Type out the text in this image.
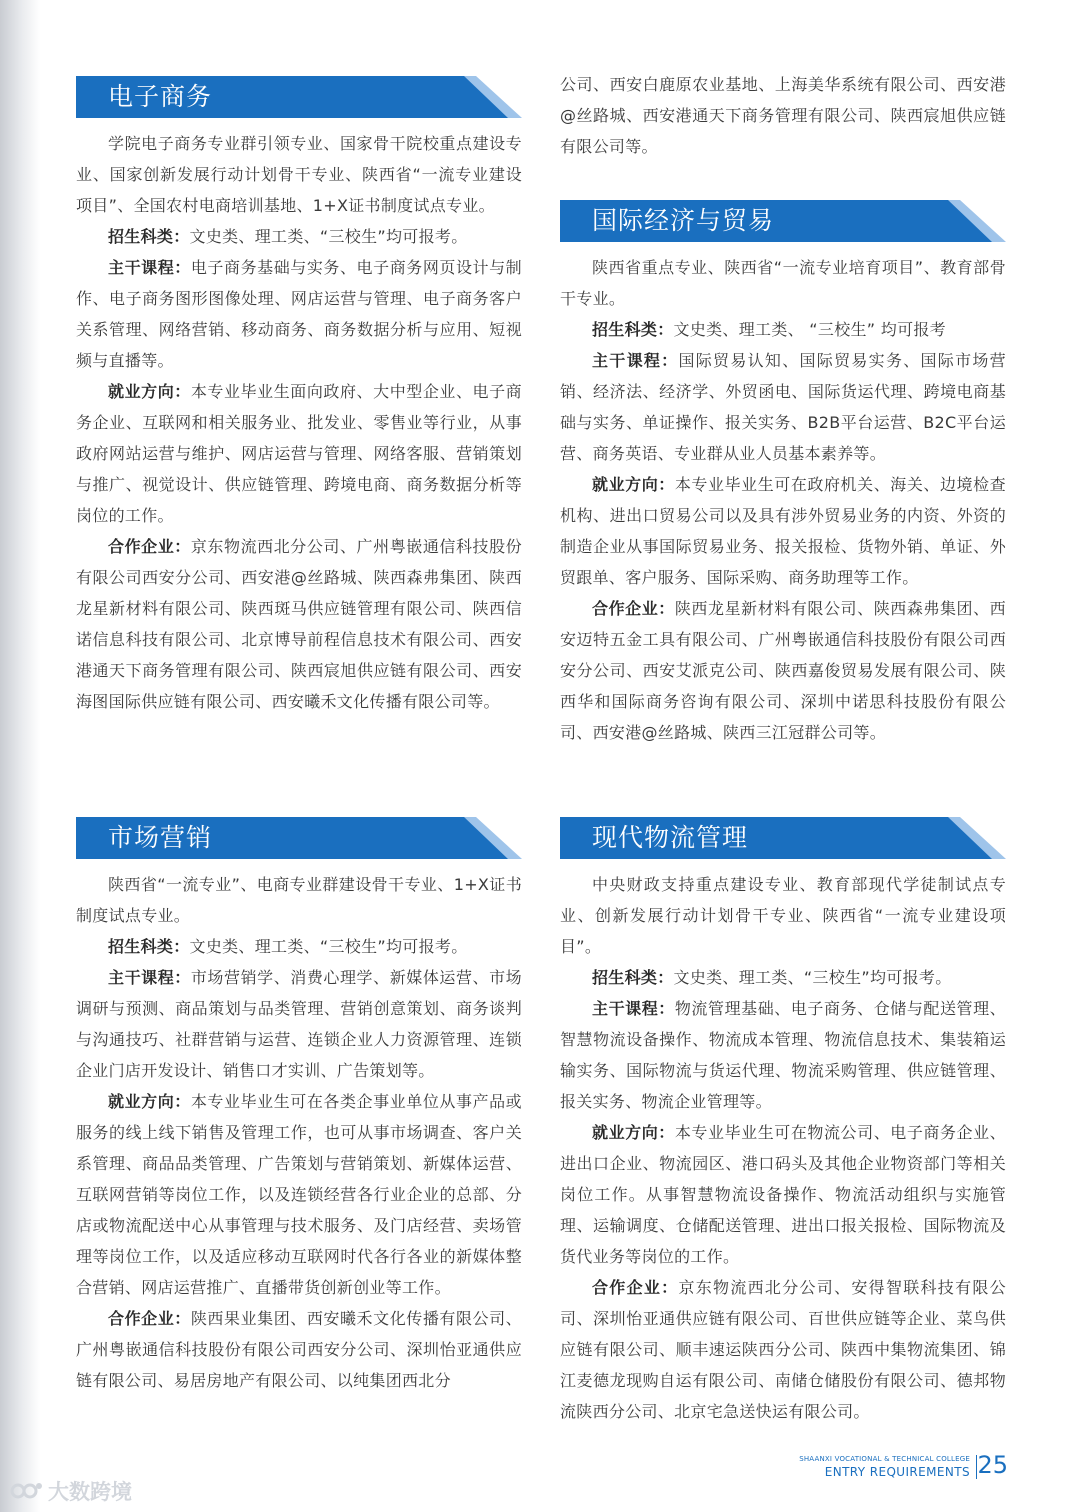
电子商务

学院电子商务专业群引领专业、国家骨干院校重点建设专业、国家创新发展行动计划骨干专业、陕西省“一流专业建设项目”、全国农村电商培训基地、1+X证书制度试点专业。

招生科类：文史类、理工类、“三校生”均可报考。

主干课程：电子商务基础与实务、电子商务网页设计与制作、电子商务图形图像处理、网店运营与管理、电子商务客户关系管理、网络营销、移动商务、商务数据分析与应用、短视频与直播等。

就业方向：本专业毕业生面向政府、大中型企业、电子商务企业、互联网和相关服务业、批发业、零售业等行业，从事政府网站运营与维护、网店运营与管理、网络客服、营销策划与推广、视觉设计、供应链管理、跨境电商、商务数据分析等岗位的工作。

合作企业：京东物流西北分公司、广州粤嵌通信科技股份有限公司西安分公司、西安港@丝路城、陕西森弗集团、陕西龙星新材料有限公司、陕西斑马供应链管理有限公司、陕西信诺信息科技有限公司、北京博导前程信息技术有限公司、西安港通天下商务管理有限公司、陕西宸旭供应链有限公司、西安海图国际供应链有限公司、西安曦禾文化传播有限公司等。

市场营销

陕西省“一流专业”、电商专业群建设骨干专业、1+X证书制度试点专业。

招生科类：文史类、理工类、“三校生”均可报考。

主干课程：市场营销学、消费心理学、新媒体运营、市场调研与预测、商品策划与品类管理、营销创意策划、商务谈判与沟通技巧、社群营销与运营、连锁企业人力资源管理、连锁企业门店开发设计、销售口才实训、广告策划等。

就业方向：本专业毕业生可在各类企事业单位从事产品或服务的线上线下销售及管理工作，也可从事市场调查、客户关系管理、商品品类管理、广告策划与营销策划、新媒体运营、互联网营销等岗位工作，以及连锁经营各行业企业的总部、分店或物流配送中心从事管理与技术服务、及门店经营、卖场管理等岗位工作，以及适应移动互联网时代各行各业的新媒体整合营销、网店运营推广、直播带货创新创业等工作。

合作企业：陕西果业集团、西安曦禾文化传播有限公司、广州粤嵌通信科技股份有限公司西安分公司、深圳怡亚通供应链有限公司、易居房地产有限公司、以纯集团西北分

公司、西安白鹿原农业基地、上海美华系统有限公司、西安港@丝路城、西安港通天下商务管理有限公司、陕西宸旭供应链有限公司等。

国际经济与贸易

陕西省重点专业、陕西省“一流专业培育项目”、教育部骨干专业。

招生科类：文史类、理工类、 “三校生” 均可报考

主干课程：国际贸易认知、国际贸易实务、国际市场营销、经济法、经济学、外贸函电、国际货运代理、跨境电商基础与实务、单证操作、报关实务、B2B平台运营、B2C平台运营、商务英语、专业群从业人员基本素养等。

就业方向：本专业毕业生可在政府机关、海关、边境检查机构、进出口贸易公司以及具有涉外贸易业务的内资、外资的制造企业从事国际贸易业务、报关报检、货物外销、单证、外贸跟单、客户服务、国际采购、商务助理等工作。

合作企业：陕西龙星新材料有限公司、陕西森弗集团、西安迈特五金工具有限公司、广州粤嵌通信科技股份有限公司西安分公司、西安艾派克公司、陕西嘉俊贸易发展有限公司、陕西华和国际商务咨询有限公司、深圳中诺思科技股份有限公司、西安港@丝路城、陕西三江冠群公司等。

现代物流管理

中央财政支持重点建设专业、教育部现代学徒制试点专业、创新发展行动计划骨干专业、陕西省“一流专业建设项目”。

招生科类：文史类、理工类、“三校生”均可报考。

主干课程：物流管理基础、电子商务、仓储与配送管理、智慧物流设备操作、物流成本管理、物流信息技术、集装箱运输实务、国际物流与货运代理、物流采购管理、供应链管理、报关实务、物流企业管理等。

就业方向：本专业毕业生可在物流公司、电子商务企业、进出口企业、物流园区、港口码头及其他企业物资部门等相关岗位工作。从事智慧物流设备操作、物流活动组织与实施管理、运输调度、仓储配送管理、进出口报关报检、国际物流及货代业务等岗位的工作。

合作企业：京东物流西北分公司、安得智联科技有限公司、深圳怡亚通供应链有限公司、百世供应链等企业、菜鸟供应链有限公司、顺丰速运陕西分公司、陕西中集物流集团、锦江麦德龙现购自运有限公司、南储仓储股份有限公司、德邦物流陕西分公司、北京宅急送快运有限公司。

SHAANXI VOCATIONAL & TECHNICAL COLLEGE
ENTRY REQUIREMENTS 25
大数跨境
